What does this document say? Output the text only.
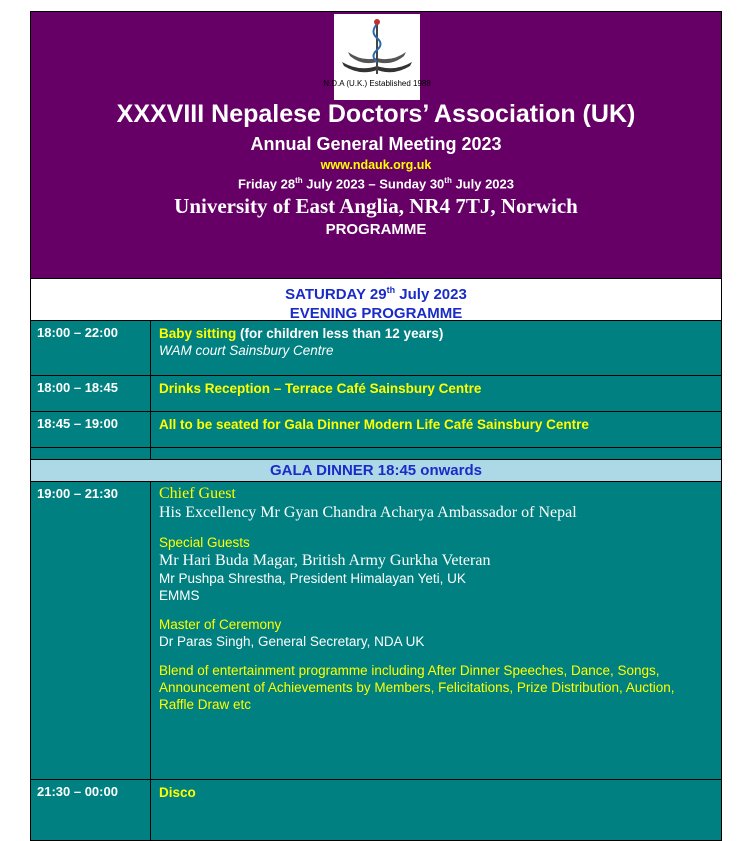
N.D.A (U.K.) Established 1988
XXXVIII Nepalese Doctors’ Association (UK)
Annual General Meeting 2023
www.ndauk.org.uk
Friday 28th July 2023 – Sunday 30th July 2023
University of East Anglia, NR4 7TJ, Norwich
PROGRAMME
SATURDAY 29th July 2023
EVENING PROGRAMME
18:00 – 22:00	Baby sitting (for children less than 12 years)
WAM court Sainsbury Centre
18:00 – 18:45	Drinks Reception – Terrace Café Sainsbury Centre
18:45 – 19:00	All to be seated for Gala Dinner Modern Life Café Sainsbury Centre
GALA DINNER 18:45 onwards
19:00 – 21:30	Chief Guest
His Excellency Mr Gyan Chandra Acharya Ambassador of Nepal
Special Guests
Mr Hari Buda Magar, British Army Gurkha Veteran
Mr Pushpa Shrestha, President Himalayan Yeti, UK
EMMS
Master of Ceremony
Dr Paras Singh, General Secretary, NDA UK
Blend of entertainment programme including After Dinner Speeches, Dance, Songs, Announcement of Achievements by Members, Felicitations, Prize Distribution, Auction, Raffle Draw etc
21:30 – 00:00	Disco
